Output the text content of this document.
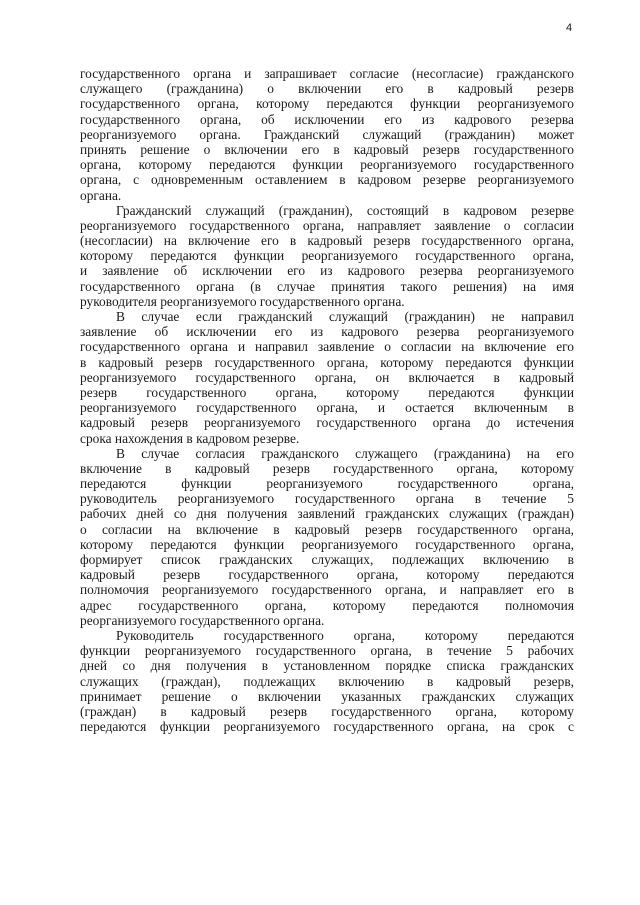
4
государственного органа и запрашивает согласие (несогласие) гражданского
служащего (гражданина) о включении его в кадровый резерв
государственного органа, которому передаются функции реорганизуемого
государственного органа, об исключении его из кадрового резерва
реорганизуемого органа. Гражданский служащий (гражданин) может
принять решение о включении его в кадровый резерв государственного
органа, которому передаются функции реорганизуемого государственного
органа, с одновременным оставлением в кадровом резерве реорганизуемого
органа.
Гражданский служащий (гражданин), состоящий в кадровом резерве
реорганизуемого государственного органа, направляет заявление о согласии
(несогласии) на включение его в кадровый резерв государственного органа,
которому передаются функции реорганизуемого государственного органа,
и заявление об исключении его из кадрового резерва реорганизуемого
государственного органа (в случае принятия такого решения) на имя
руководителя реорганизуемого государственного органа.
В случае если гражданский служащий (гражданин) не направил
заявление об исключении его из кадрового резерва реорганизуемого
государственного органа и направил заявление о согласии на включение его
в кадровый резерв государственного органа, которому передаются функции
реорганизуемого государственного органа, он включается в кадровый
резерв государственного органа, которому передаются функции
реорганизуемого государственного органа, и остается включенным в
кадровый резерв реорганизуемого государственного органа до истечения
срока нахождения в кадровом резерве.
В случае согласия гражданского служащего (гражданина) на его
включение в кадровый резерв государственного органа, которому
передаются функции реорганизуемого государственного органа,
руководитель реорганизуемого государственного органа в течение 5
рабочих дней со дня получения заявлений гражданских служащих (граждан)
о согласии на включение в кадровый резерв государственного органа,
которому передаются функции реорганизуемого государственного органа,
формирует список гражданских служащих, подлежащих включению в
кадровый резерв государственного органа, которому передаются
полномочия реорганизуемого государственного органа, и направляет его в
адрес государственного органа, которому передаются полномочия
реорганизуемого государственного органа.
Руководитель государственного органа, которому передаются
функции реорганизуемого государственного органа, в течение 5 рабочих
дней со дня получения в установленном порядке списка гражданских
служащих (граждан), подлежащих включению в кадровый резерв,
принимает решение о включении указанных гражданских служащих
(граждан) в кадровый резерв государственного органа, которому
передаются функции реорганизуемого государственного органа, на срок с
